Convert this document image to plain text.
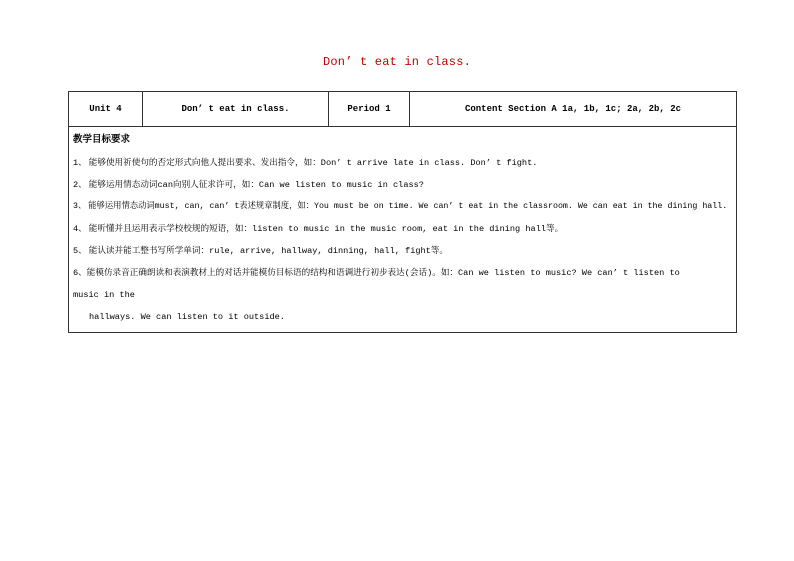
Don’ t eat in class.
Unit 4	Don’ t eat in class.	Period 1	Content Section A 1a, 1b, 1c; 2a, 2b, 2c

教学目标要求
1、 能够使用祈使句的否定形式向他人提出要求、发出指令，如：Don’ t arrive late in class. Don’ t fight.
2、 能够运用情态动词can向别人征求许可，如：Can we listen to music in class?
3、 能够运用情态动词must, can, can’ t表述规章制度，如：You must be on time. We can’ t eat in the classroom. We can eat in the dining hall.
4、 能听懂并且运用表示学校校规的短语，如：listen to music in the music room, eat in the dining hall等。
5、 能认读并能工整书写所学单词：rule, arrive, hallway, dinning, hall, fight等。
6、能模仿录音正确朗读和表演教材上的对话并能模仿目标语的结构和语调进行初步表达(会话)。如：Can we listen to music? We can’ t listen to
music in the
hallways. We can listen to it outside.
